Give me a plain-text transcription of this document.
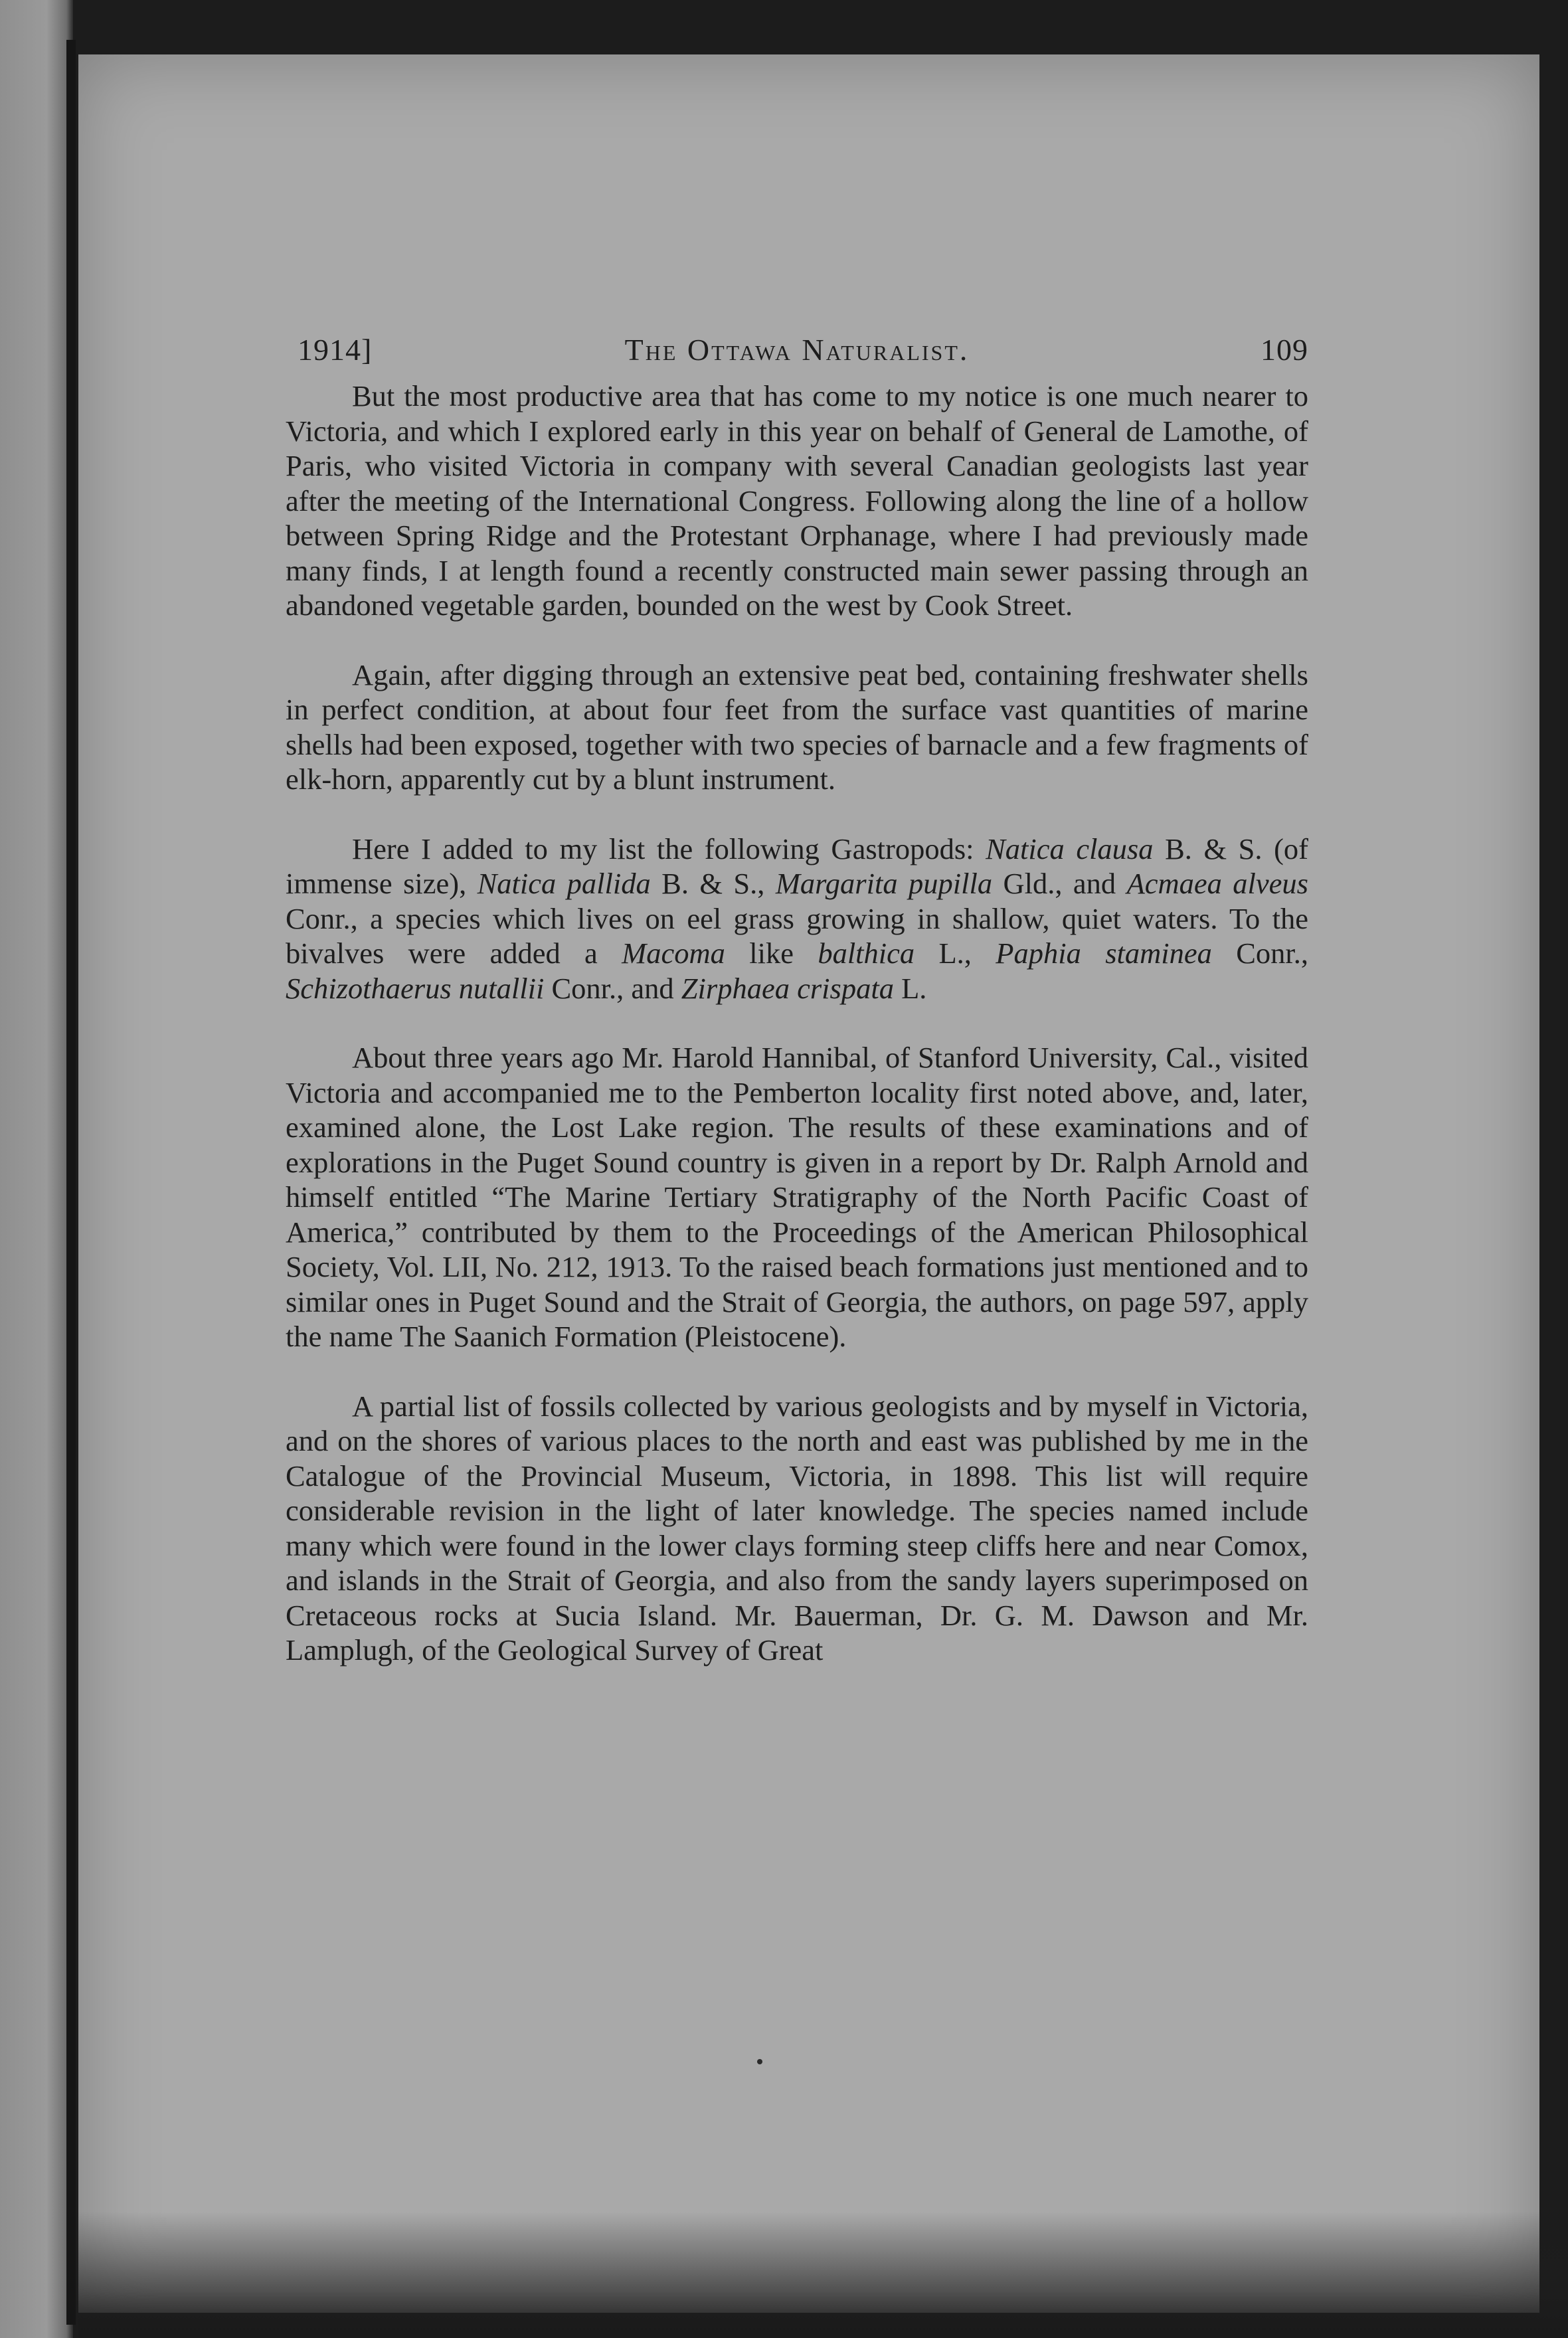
1914]	The Ottawa Naturalist.	109

But the most productive area that has come to my notice is one much nearer to Victoria, and which I explored early in this year on behalf of General de Lamothe, of Paris, who visited Victoria in company with several Canadian geologists last year after the meeting of the International Congress. Following along the line of a hollow between Spring Ridge and the Protestant Orphanage, where I had previously made many finds, I at length found a recently constructed main sewer passing through an abandoned vegetable garden, bounded on the west by Cook Street.

Again, after digging through an extensive peat bed, containing freshwater shells in perfect condition, at about four feet from the surface vast quantities of marine shells had been exposed, together with two species of barnacle and a few fragments of elk-horn, apparently cut by a blunt instrument.

Here I added to my list the following Gastropods: Natica clausa B. & S. (of immense size), Natica pallida B. & S., Margarita pupilla Gld., and Acmaea alveus Conr., a species which lives on eel grass growing in shallow, quiet waters. To the bivalves were added a Macoma like balthica L., Paphia staminea Conr., Schizothaerus nutallii Conr., and Zirphaea crispata L.

About three years ago Mr. Harold Hannibal, of Stanford University, Cal., visited Victoria and accompanied me to the Pemberton locality first noted above, and, later, examined alone, the Lost Lake region. The results of these examinations and of explorations in the Puget Sound country is given in a report by Dr. Ralph Arnold and himself entitled “The Marine Tertiary Stratigraphy of the North Pacific Coast of America,” contributed by them to the Proceedings of the American Philosophical Society, Vol. LII, No. 212, 1913. To the raised beach formations just mentioned and to similar ones in Puget Sound and the Strait of Georgia, the authors, on page 597, apply the name The Saanich Formation (Pleistocene).

A partial list of fossils collected by various geologists and by myself in Victoria, and on the shores of various places to the north and east was published by me in the Catalogue of the Provincial Museum, Victoria, in 1898. This list will require considerable revision in the light of later knowledge. The species named include many which were found in the lower clays forming steep cliffs here and near Comox, and islands in the Strait of Georgia, and also from the sandy layers superimposed on Cretaceous rocks at Sucia Island. Mr. Bauerman, Dr. G. M. Dawson and Mr. Lamplugh, of the Geological Survey of Great
